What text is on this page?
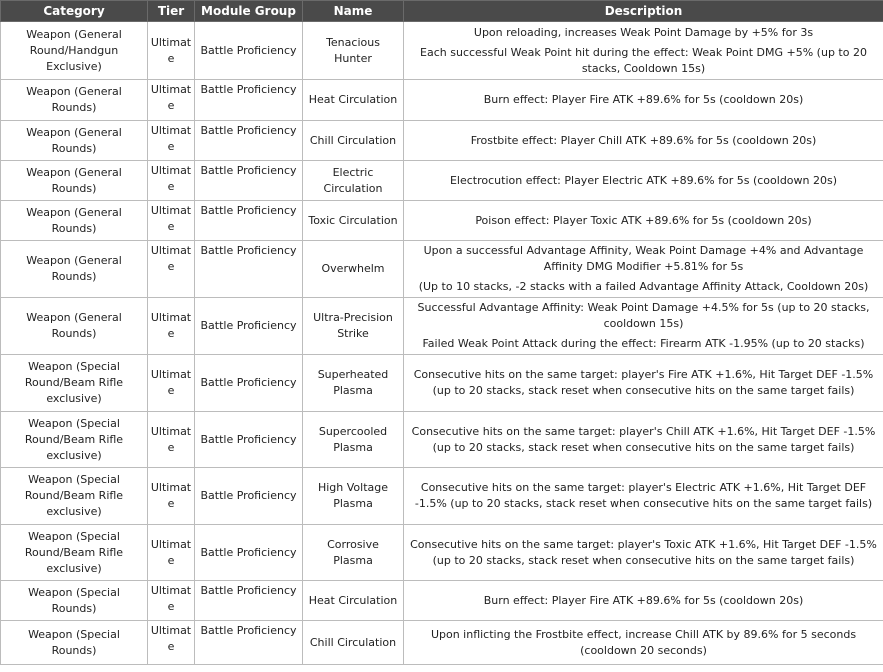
Category	Tier	Module Group	Name	Description
Weapon (General Round/Handgun Exclusive)	Ultimate	Battle Proficiency	Tenacious Hunter	Upon reloading, increases Weak Point Damage by +5% for 3s

Each successful Weak Point hit during the effect: Weak Point DMG +5% (up to 20 stacks, Cooldown 15s)

Weapon (General Rounds)	Ultimate	Battle Proficiency	Heat Circulation	Burn effect: Player Fire ATK +89.6% for 5s (cooldown 20s)

Weapon (General Rounds)	Ultimate	Battle Proficiency	Chill Circulation	Frostbite effect: Player Chill ATK +89.6% for 5s (cooldown 20s)

Weapon (General Rounds)	Ultimate	Battle Proficiency	Electric Circulation	Electrocution effect: Player Electric ATK +89.6% for 5s (cooldown 20s)

Weapon (General Rounds)	Ultimate	Battle Proficiency	Toxic Circulation	Poison effect: Player Toxic ATK +89.6% for 5s (cooldown 20s)

Weapon (General Rounds)	Ultimate	Battle Proficiency	Overwhelm	Upon a successful Advantage Affinity, Weak Point Damage +4% and Advantage Affinity DMG Modifier +5.81% for 5s

(Up to 10 stacks, -2 stacks with a failed Advantage Affinity Attack, Cooldown 20s)

Weapon (General Rounds)	Ultimate	Battle Proficiency	Ultra-Precision Strike	Successful Advantage Affinity: Weak Point Damage +4.5% for 5s (up to 20 stacks, cooldown 15s)

Failed Weak Point Attack during the effect: Firearm ATK -1.95% (up to 20 stacks)

Weapon (Special Round/Beam Rifle exclusive)	Ultimate	Battle Proficiency	Superheated Plasma	Consecutive hits on the same target: player's Fire ATK +1.6%, Hit Target DEF -1.5% (up to 20 stacks, stack reset when consecutive hits on the same target fails)

Weapon (Special Round/Beam Rifle exclusive)	Ultimate	Battle Proficiency	Supercooled Plasma	Consecutive hits on the same target: player's Chill ATK +1.6%, Hit Target DEF -1.5% (up to 20 stacks, stack reset when consecutive hits on the same target fails)

Weapon (Special Round/Beam Rifle exclusive)	Ultimate	Battle Proficiency	High Voltage Plasma	Consecutive hits on the same target: player's Electric ATK +1.6%, Hit Target DEF -1.5% (up to 20 stacks, stack reset when consecutive hits on the same target fails)

Weapon (Special Round/Beam Rifle exclusive)	Ultimate	Battle Proficiency	Corrosive Plasma	Consecutive hits on the same target: player's Toxic ATK +1.6%, Hit Target DEF -1.5% (up to 20 stacks, stack reset when consecutive hits on the same target fails)

Weapon (Special Rounds)	Ultimate	Battle Proficiency	Heat Circulation	Burn effect: Player Fire ATK +89.6% for 5s (cooldown 20s)

Weapon (Special Rounds)	Ultimate	Battle Proficiency	Chill Circulation	Upon inflicting the Frostbite effect, increase Chill ATK by 89.6% for 5 seconds (cooldown 20 seconds)
